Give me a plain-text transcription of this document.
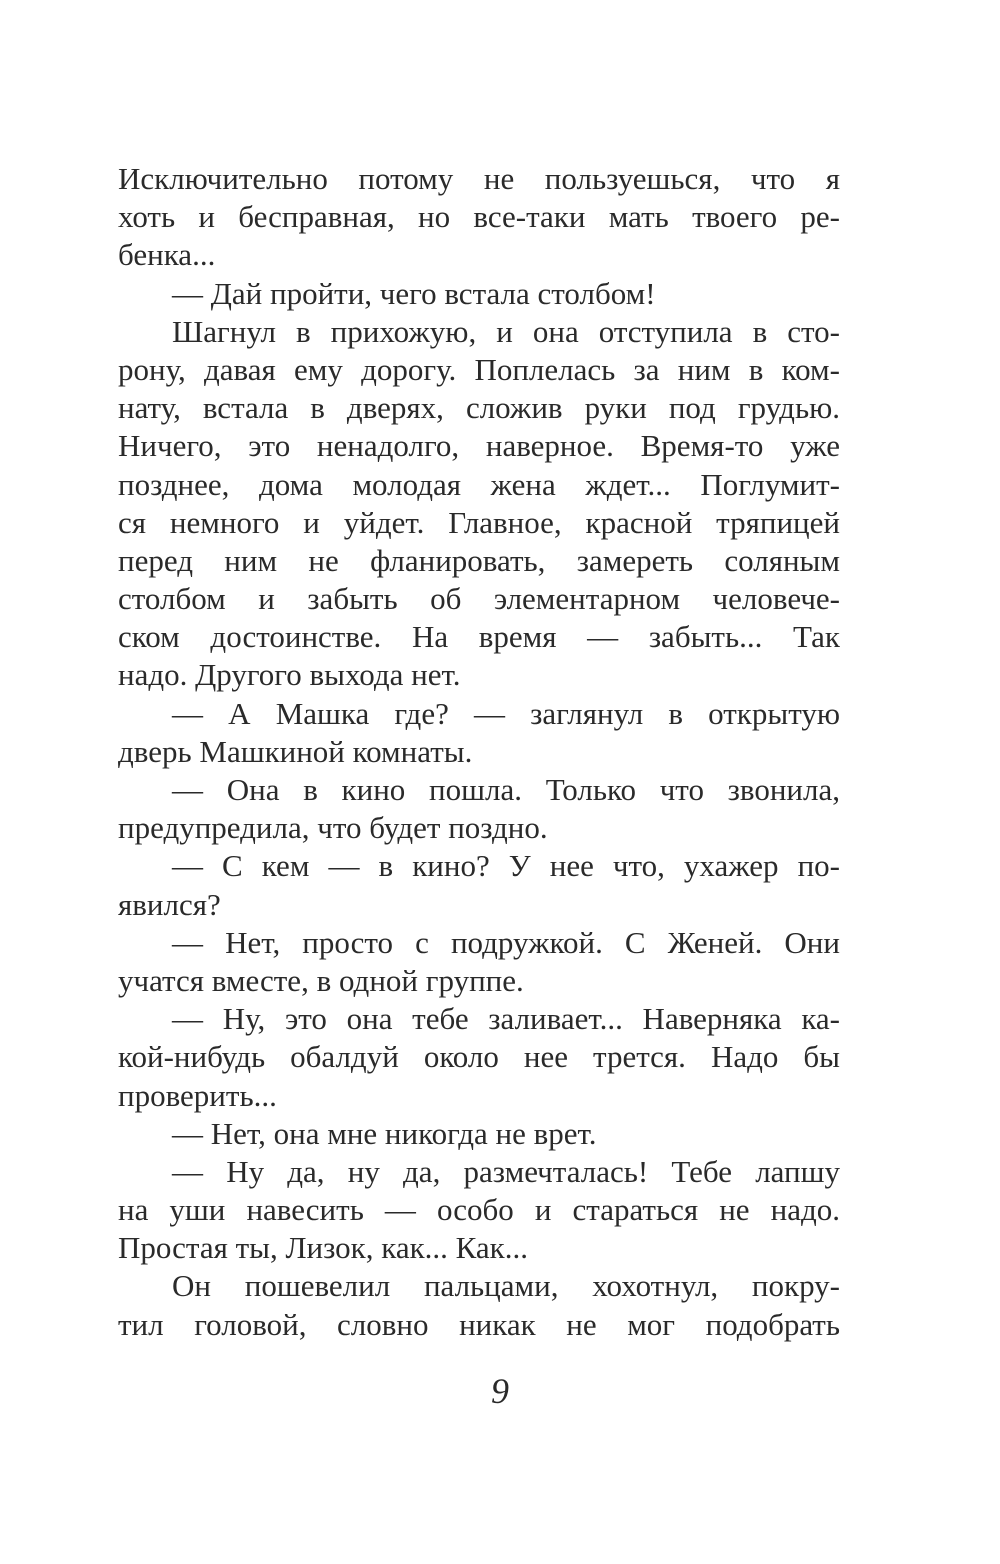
Исключительно потому не пользуешься, что я
хоть и бесправная, но все-таки мать твоего ре-
бенка...
— Дай пройти, чего встала столбом!
Шагнул в прихожую, и она отступила в сто-
рону, давая ему дорогу. Поплелась за ним в ком-
нату, встала в дверях, сложив руки под грудью.
Ничего, это ненадолго, наверное. Время-то уже
позднее, дома молодая жена ждет... Поглумит-
ся немного и уйдет. Главное, красной тряпицей
перед ним не фланировать, замереть соляным
столбом и забыть об элементарном человече-
ском достоинстве. На время — забыть... Так
надо. Другого выхода нет.
— А Машка где? — заглянул в открытую
дверь Машкиной комнаты.
— Она в кино пошла. Только что звонила,
предупредила, что будет поздно.
— С кем — в кино? У нее что, ухажер по-
явился?
— Нет, просто с подружкой. С Женей. Они
учатся вместе, в одной группе.
— Ну, это она тебе заливает... Наверняка ка-
кой-нибудь обалдуй около нее трется. Надо бы
проверить...
— Нет, она мне никогда не врет.
— Ну да, ну да, размечталась! Тебе лапшу
на уши навесить — особо и стараться не надо.
Простая ты, Лизок, как... Как...
Он пошевелил пальцами, хохотнул, покру-
тил головой, словно никак не мог подобрать
9
